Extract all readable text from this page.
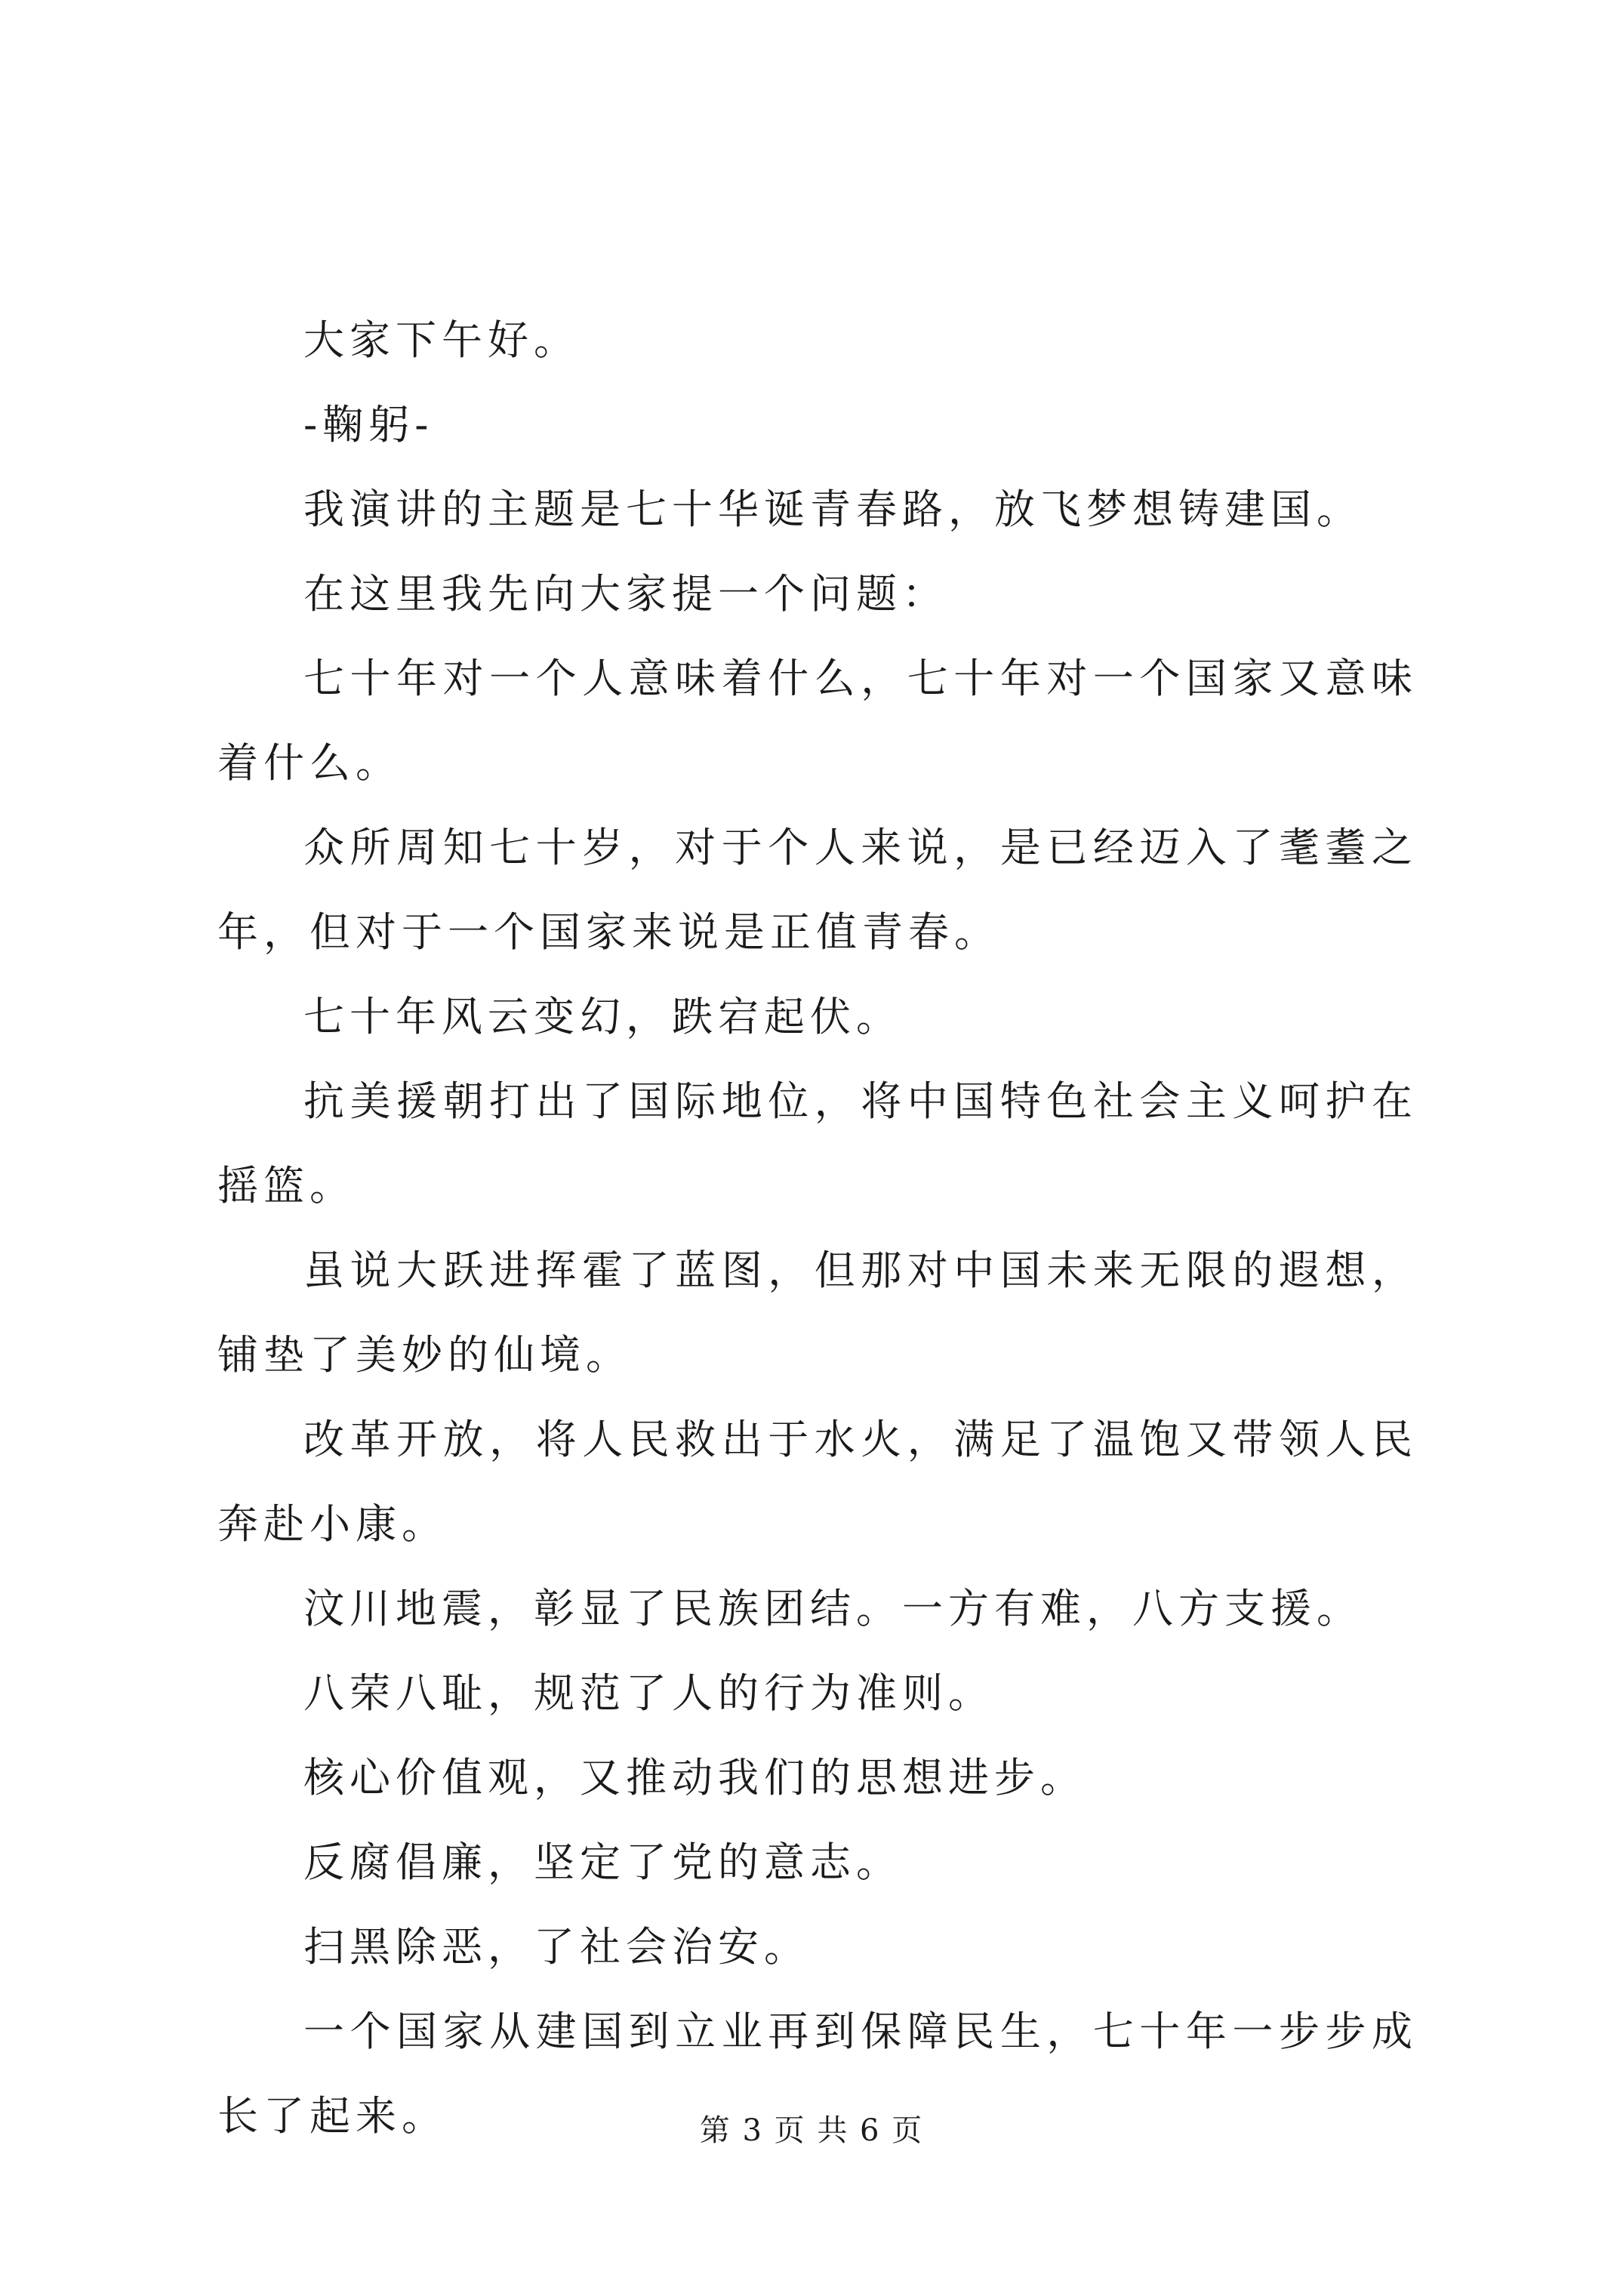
大家下午好。

-鞠躬-

我演讲的主题是七十华诞青春路，放飞梦想铸建国。

在这里我先向大家提一个问题：

七十年对一个人意味着什么，七十年对一个国家又意味着什么。

众所周知七十岁，对于个人来说，是已经迈入了耄耋之年，但对于一个国家来说是正值青春。

七十年风云变幻，跌宕起伏。

抗美援朝打出了国际地位，将中国特色社会主义呵护在摇篮。

虽说大跃进挥霍了蓝图，但那对中国未来无限的遐想，铺垫了美妙的仙境。

改革开放，将人民救出于水火，满足了温饱又带领人民奔赴小康。

汶川地震，彰显了民族团结。一方有难，八方支援。

八荣八耻，规范了人的行为准则。

核心价值观，又推动我们的思想进步。

反腐倡廉，坚定了党的意志。

扫黑除恶，了社会治安。

一个国家从建国到立业再到保障民生，七十年一步步成长了起来。	第 3 页 共 6 页
